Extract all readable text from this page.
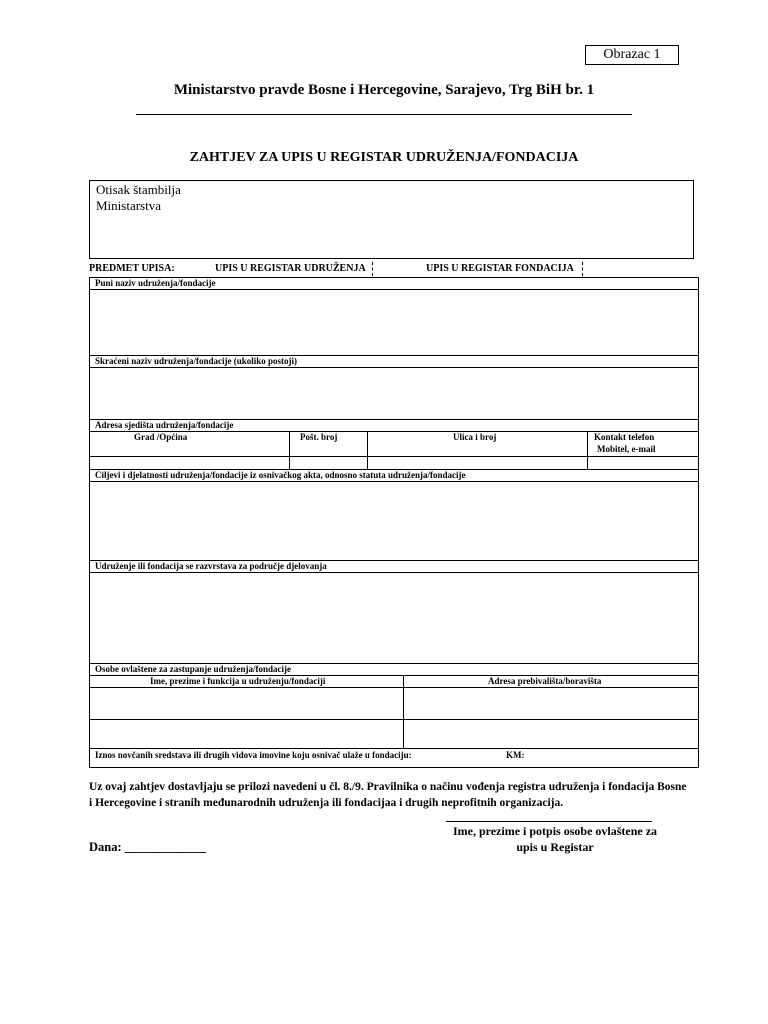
Obrazac 1
Ministarstvo pravde Bosne i Hercegovine, Sarajevo, Trg BiH br. 1
ZAHTJEV ZA UPIS U REGISTAR UDRUŽENJA/FONDACIJA
Otisak štambilja
Ministarstva
PREDMET UPISA:	UPIS U REGISTAR UDRUŽENJA	UPIS U REGISTAR FONDACIJA
Puni naziv udruženja/fondacije
Skraćeni naziv udruženja/fondacije (ukoliko postoji)
Adresa sjedišta udruženja/fondacije
Grad /Općina	Pošt. broj	Ulica i broj	Kontakt telefon
Mobitel, e-mail
Ciljevi i djelatnosti udruženja/fondacije iz osnivačkog akta, odnosno statuta udruženja/fondacije
Udruženje ili fondacija se razvrstava za područje djelovanja
Osobe ovlaštene za zastupanje udruženja/fondacije
Ime, prezime i funkcija u udruženju/fondaciji	Adresa prebivališta/boravišta
Iznos novčanih sredstava ili drugih vidova imovine koju osnivač ulaže u fondaciju:	KM:
Uz ovaj zahtjev dostavljaju se prilozi navedeni u čl. 8./9. Pravilnika o načinu vođenja registra udruženja i fondacija Bosne i Hercegovine i stranih međunarodnih udruženja ili fondacijaa i drugih neprofitnih organizacija.
Ime, prezime i potpis osobe ovlaštene za
upis u Registar
Dana: _____________
